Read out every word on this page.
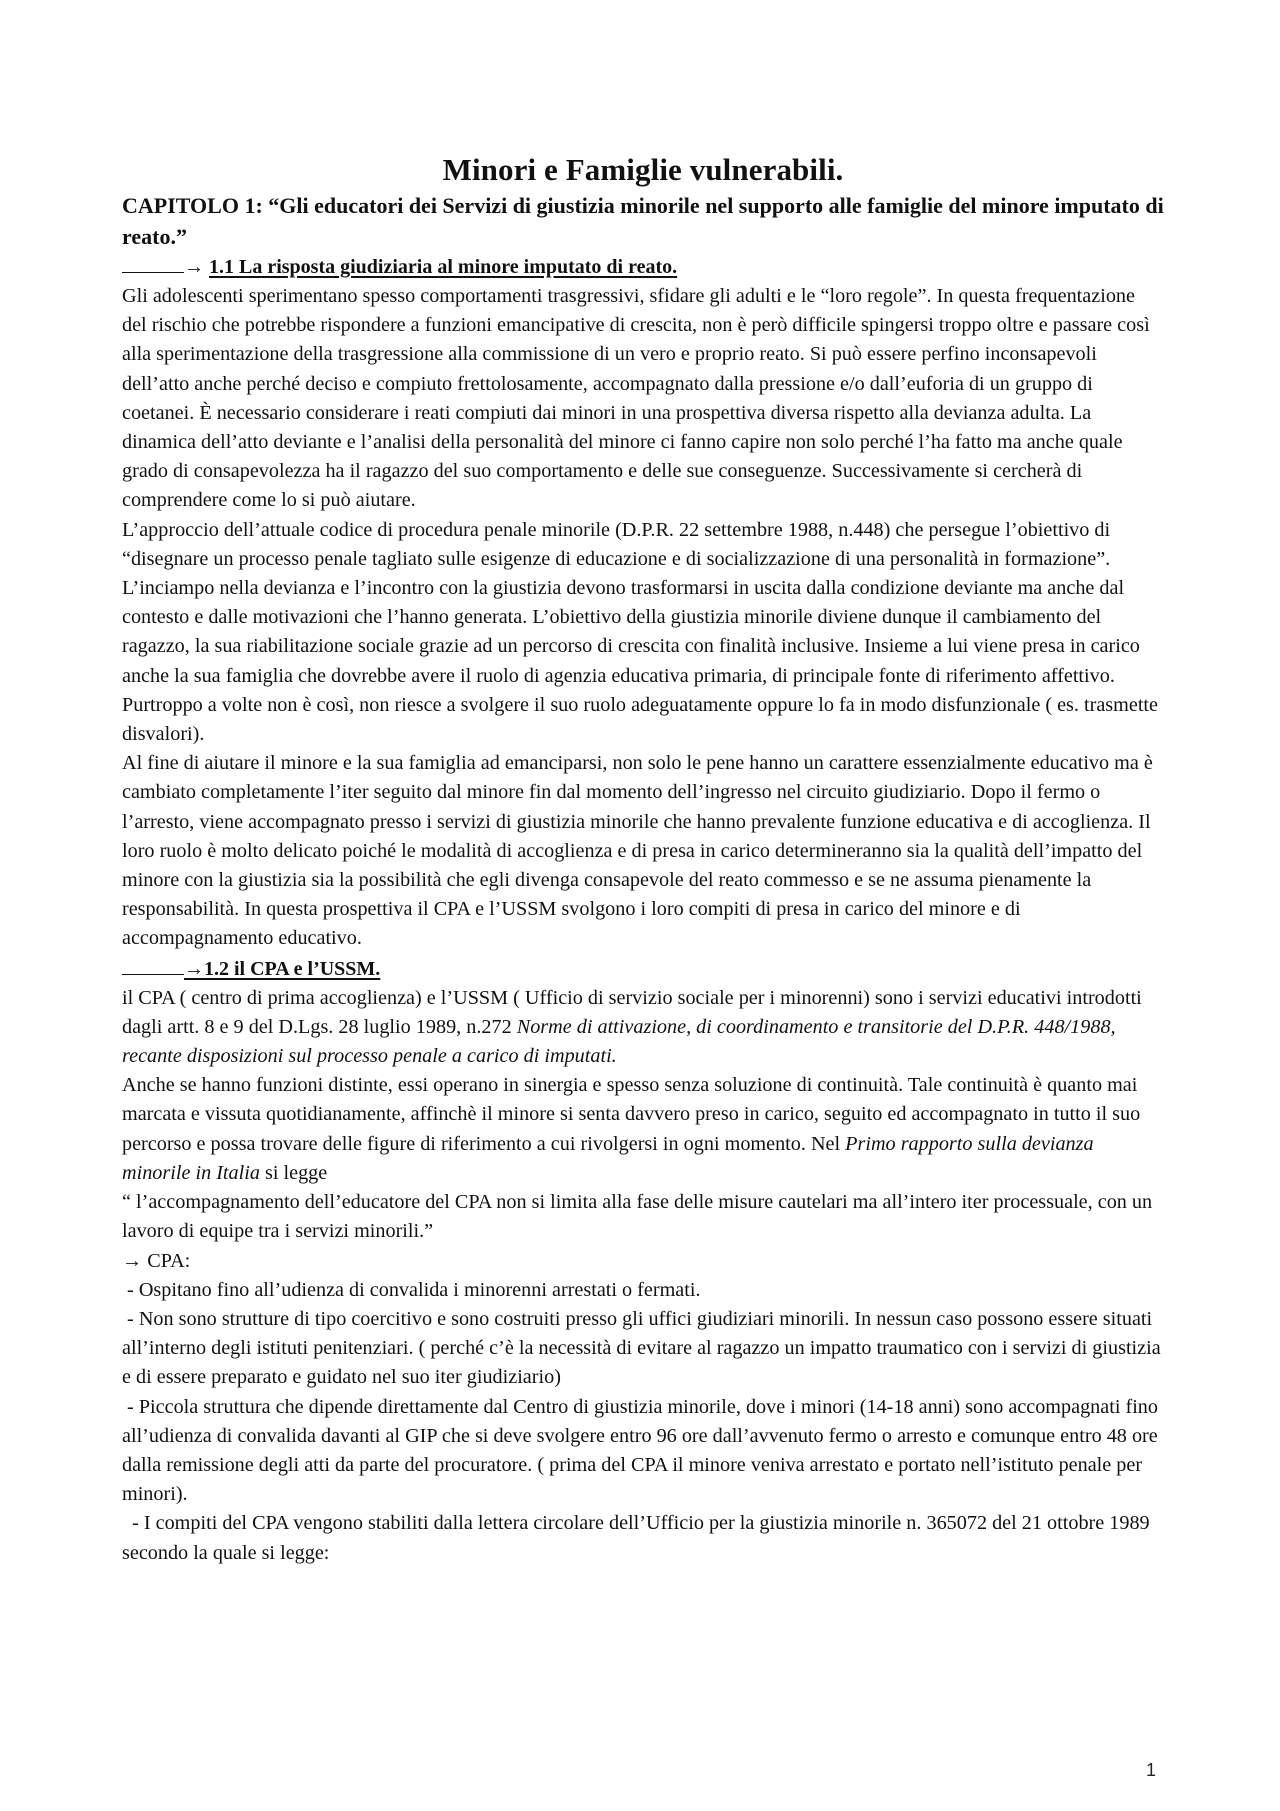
Minori e Famiglie vulnerabili.

CAPITOLO 1: “Gli educatori dei Servizi di giustizia minorile nel supporto alle famiglie del minore imputato di reato.”

→ 1.1 La risposta giudiziaria al minore imputato di reato.

Gli adolescenti sperimentano spesso comportamenti trasgressivi, sfidare gli adulti e le “loro regole”. In questa frequentazione del rischio che potrebbe rispondere a funzioni emancipative di crescita, non è però difficile spingersi troppo oltre e passare così alla sperimentazione della trasgressione alla commissione di un vero e proprio reato. Si può essere perfino inconsapevoli dell’atto anche perché deciso e compiuto frettolosamente, accompagnato dalla pressione e/o dall’euforia di un gruppo di coetanei. È necessario considerare i reati compiuti dai minori in una prospettiva diversa rispetto alla devianza adulta. La dinamica dell’atto deviante e l’analisi della personalità del minore ci fanno capire non solo perché l’ha fatto ma anche quale grado di consapevolezza ha il ragazzo del suo comportamento e delle sue conseguenze. Successivamente si cercherà di comprendere come lo si può aiutare.

L’approccio dell’attuale codice di procedura penale minorile (D.P.R. 22 settembre 1988, n.448) che persegue l’obiettivo di “disegnare un processo penale tagliato sulle esigenze di educazione e di socializzazione di una personalità in formazione”.

L’inciampo nella devianza e l’incontro con la giustizia devono trasformarsi in uscita dalla condizione deviante ma anche dal contesto e dalle motivazioni che l’hanno generata. L’obiettivo della giustizia minorile diviene dunque il cambiamento del ragazzo, la sua riabilitazione sociale grazie ad un percorso di crescita con finalità inclusive. Insieme a lui viene presa in carico anche la sua famiglia che dovrebbe avere il ruolo di agenzia educativa primaria, di principale fonte di riferimento affettivo. Purtroppo a volte non è così, non riesce a svolgere il suo ruolo adeguatamente oppure lo fa in modo disfunzionale ( es. trasmette disvalori).

Al fine di aiutare il minore e la sua famiglia ad emanciparsi, non solo le pene hanno un carattere essenzialmente educativo ma è cambiato completamente l’iter seguito dal minore fin dal momento dell’ingresso nel circuito giudiziario. Dopo il fermo o l’arresto, viene accompagnato presso i servizi di giustizia minorile che hanno prevalente funzione educativa e di accoglienza. Il loro ruolo è molto delicato poiché le modalità di accoglienza e di presa in carico determineranno sia la qualità dell’impatto del minore con la giustizia sia la possibilità che egli divenga consapevole del reato commesso e se ne assuma pienamente la responsabilità. In questa prospettiva il CPA e l’USSM svolgono i loro compiti di presa in carico del minore e di accompagnamento educativo.

→1.2 il CPA e l’USSM.

il CPA ( centro di prima accoglienza) e l’USSM ( Ufficio di servizio sociale per i minorenni) sono i servizi educativi introdotti dagli artt. 8 e 9 del D.Lgs. 28 luglio 1989, n.272 Norme di attivazione, di coordinamento e transitorie del D.P.R. 448/1988, recante disposizioni sul processo penale a carico di imputati.

Anche se hanno funzioni distinte, essi operano in sinergia e spesso senza soluzione di continuità. Tale continuità è quanto mai marcata e vissuta quotidianamente, affinchè il minore si senta davvero preso in carico, seguito ed accompagnato in tutto il suo percorso e possa trovare delle figure di riferimento a cui rivolgersi in ogni momento. Nel Primo rapporto sulla devianza minorile in Italia si legge

“ l’accompagnamento dell’educatore del CPA non si limita alla fase delle misure cautelari ma all’intero iter processuale, con un lavoro di equipe tra i servizi minorili.”

→ CPA:

- Ospitano fino all’udienza di convalida i minorenni arrestati o fermati.

- Non sono strutture di tipo coercitivo e sono costruiti presso gli uffici giudiziari minorili. In nessun caso possono essere situati all’interno degli istituti penitenziari. ( perché c’è la necessità di evitare al ragazzo un impatto traumatico con i servizi di giustizia e di essere preparato e guidato nel suo iter giudiziario)

- Piccola struttura che dipende direttamente dal Centro di giustizia minorile, dove i minori (14-18 anni) sono accompagnati fino all’udienza di convalida davanti al GIP che si deve svolgere entro 96 ore dall’avvenuto fermo o arresto e comunque entro 48 ore dalla remissione degli atti da parte del procuratore. ( prima del CPA il minore veniva arrestato e portato nell’istituto penale per minori).

- I compiti del CPA vengono stabiliti dalla lettera circolare dell’Ufficio per la giustizia minorile n. 365072 del 21 ottobre 1989 secondo la quale si legge:

1
